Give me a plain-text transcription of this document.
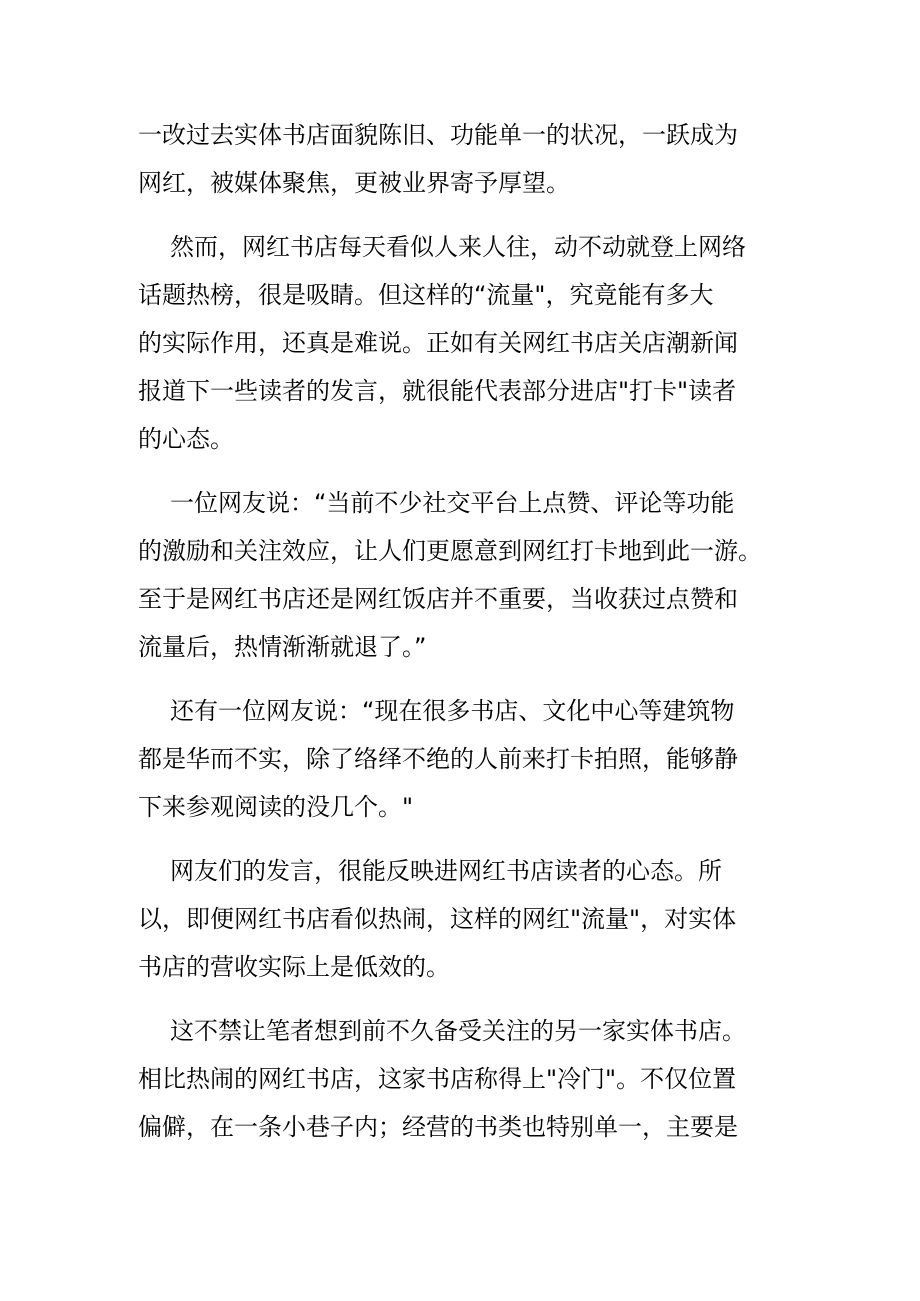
一改过去实体书店面貌陈旧、功能单一的状况，一跃成为
网红，被媒体聚焦，更被业界寄予厚望。
然而，网红书店每天看似人来人往，动不动就登上网络
话题热榜，很是吸睛。但这样的“流量"，究竟能有多大
的实际作用，还真是难说。正如有关网红书店关店潮新闻
报道下一些读者的发言，就很能代表部分进店"打卡"读者
的心态。
一位网友说：“当前不少社交平台上点赞、评论等功能
的激励和关注效应，让人们更愿意到网红打卡地到此一游。
至于是网红书店还是网红饭店并不重要，当收获过点赞和
流量后，热情渐渐就退了。”
还有一位网友说：“现在很多书店、文化中心等建筑物
都是华而不实，除了络绎不绝的人前来打卡拍照，能够静
下来参观阅读的没几个。"
网友们的发言，很能反映进网红书店读者的心态。所
以，即便网红书店看似热闹，这样的网红"流量"，对实体
书店的营收实际上是低效的。
这不禁让笔者想到前不久备受关注的另一家实体书店。
相比热闹的网红书店，这家书店称得上"冷门"。不仅位置
偏僻，在一条小巷子内；经营的书类也特别单一，主要是
